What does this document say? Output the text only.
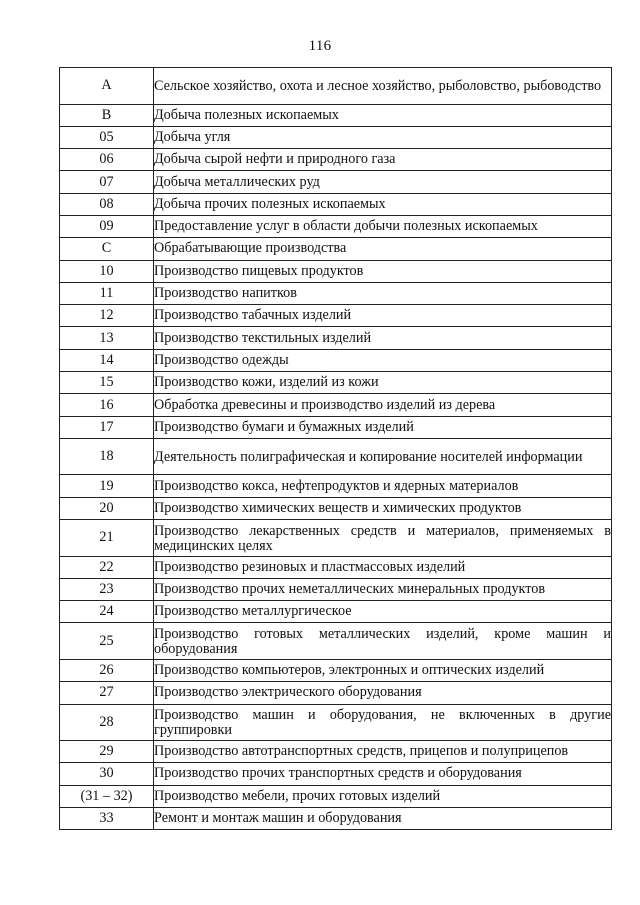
116
A	Сельское хозяйство, охота и лесное хозяйство, рыболовство, рыбоводство
B	Добыча полезных ископаемых
05	Добыча угля
06	Добыча сырой нефти и природного газа
07	Добыча металлических руд
08	Добыча прочих полезных ископаемых
09	Предоставление услуг в области добычи полезных ископаемых
C	Обрабатывающие производства
10	Производство пищевых продуктов
11	Производство напитков
12	Производство табачных изделий
13	Производство текстильных изделий
14	Производство одежды
15	Производство кожи, изделий из кожи
16	Обработка древесины и производство изделий из дерева
17	Производство бумаги и бумажных изделий
18	Деятельность полиграфическая и копирование носителей информации
19	Производство кокса, нефтепродуктов и ядерных материалов
20	Производство химических веществ и химических продуктов
21	Производство лекарственных средств и материалов, применяемых в медицинских целях
22	Производство резиновых и пластмассовых изделий
23	Производство прочих неметаллических минеральных продуктов
24	Производство металлургическое
25	Производство готовых металлических изделий, кроме машин и оборудования
26	Производство компьютеров, электронных и оптических изделий
27	Производство электрического оборудования
28	Производство машин и оборудования, не включенных в другие группировки
29	Производство автотранспортных средств, прицепов и полуприцепов
30	Производство прочих транспортных средств и оборудования
(31 – 32)	Производство мебели, прочих готовых изделий
33	Ремонт и монтаж машин и оборудования
